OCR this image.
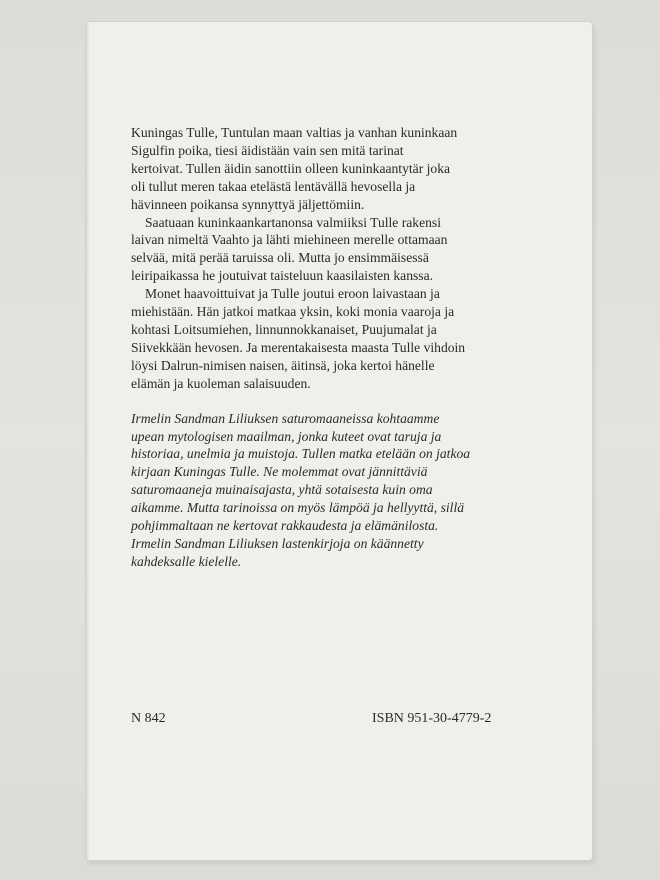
Kuningas Tulle, Tuntulan maan valtias ja vanhan kuninkaan
Sigulfin poika, tiesi äidistään vain sen mitä tarinat
kertoivat. Tullen äidin sanottiin olleen kuninkaantytär joka
oli tullut meren takaa etelästä lentävällä hevosella ja
hävinneen poikansa synnyttyä jäljettömiin.

Saatuaan kuninkaankartanonsa valmiiksi Tulle rakensi
laivan nimeltä Vaahto ja lähti miehineen merelle ottamaan
selvää, mitä perää taruissa oli. Mutta jo ensimmäisessä
leiripaikassa he joutuivat taisteluun kaasilaisten kanssa.

Monet haavoittuivat ja Tulle joutui eroon laivastaan ja
miehistään. Hän jatkoi matkaa yksin, koki monia vaaroja ja
kohtasi Loitsumiehen, linnunnokkanaiset, Puujumalat ja
Siivekkään hevosen. Ja merentakaisesta maasta Tulle vihdoin
löysi Dalrun-nimisen naisen, äitinsä, joka kertoi hänelle
elämän ja kuoleman salaisuuden.

Irmelin Sandman Liliuksen saturomaaneissa kohtaamme
upean mytologisen maailman, jonka kuteet ovat taruja ja
historiaa, unelmia ja muistoja. Tullen matka etelään on jatkoa
kirjaan Kuningas Tulle. Ne molemmat ovat jännittäviä
saturomaaneja muinaisajasta, yhtä sotaisesta kuin oma
aikamme. Mutta tarinoissa on myös lämpöä ja hellyyttä, sillä
pohjimmaltaan ne kertovat rakkaudesta ja elämänilosta.
Irmelin Sandman Liliuksen lastenkirjoja on käännetty
kahdeksalle kielelle.

N 842	ISBN 951-30-4779-2
